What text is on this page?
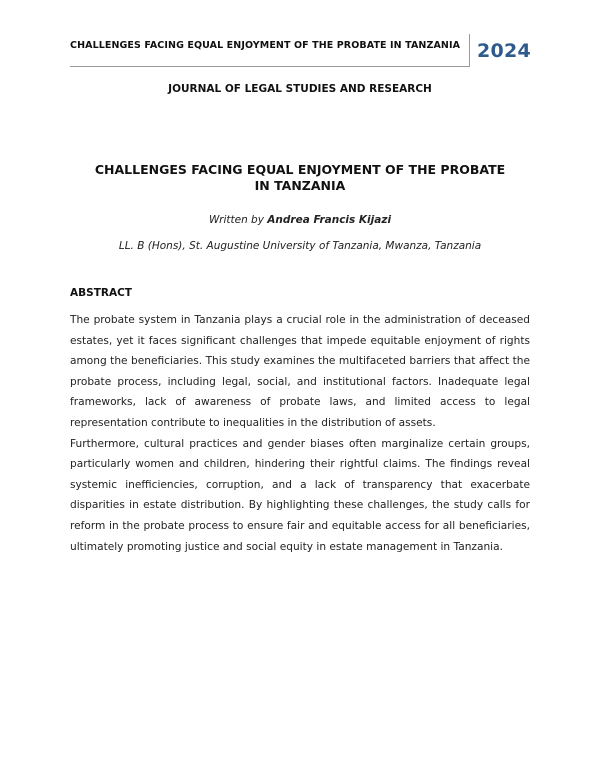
CHALLENGES FACING EQUAL ENJOYMENT OF THE PROBATE IN TANZANIA 2024
JOURNAL OF LEGAL STUDIES AND RESEARCH
CHALLENGES FACING EQUAL ENJOYMENT OF THE PROBATE IN TANZANIA
Written by Andrea Francis Kijazi
LL. B (Hons), St. Augustine University of Tanzania, Mwanza, Tanzania
ABSTRACT

The probate system in Tanzania plays a crucial role in the administration of deceased estates, yet it faces significant challenges that impede equitable enjoyment of rights among the beneficiaries. This study examines the multifaceted barriers that affect the probate process, including legal, social, and institutional factors. Inadequate legal frameworks, lack of awareness of probate laws, and limited access to legal representation contribute to inequalities in the distribution of assets.

Furthermore, cultural practices and gender biases often marginalize certain groups, particularly women and children, hindering their rightful claims. The findings reveal systemic inefficiencies, corruption, and a lack of transparency that exacerbate disparities in estate distribution. By highlighting these challenges, the study calls for reform in the probate process to ensure fair and equitable access for all beneficiaries, ultimately promoting justice and social equity in estate management in Tanzania.
